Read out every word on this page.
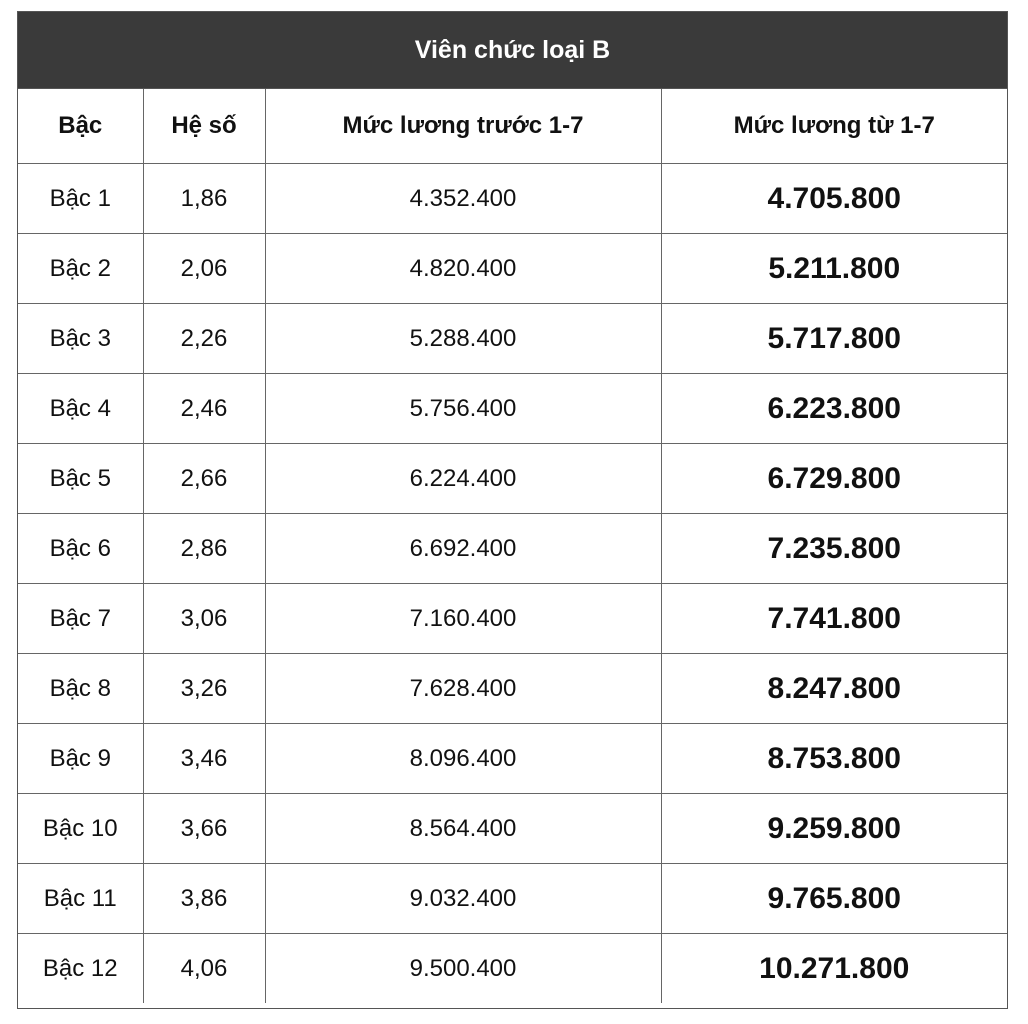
Viên chức loại B
Bậc	Hệ số	Mức lương trước 1-7	Mức lương từ 1-7
Bậc 1	1,86	4.352.400	4.705.800
Bậc 2	2,06	4.820.400	5.211.800
Bậc 3	2,26	5.288.400	5.717.800
Bậc 4	2,46	5.756.400	6.223.800
Bậc 5	2,66	6.224.400	6.729.800
Bậc 6	2,86	6.692.400	7.235.800
Bậc 7	3,06	7.160.400	7.741.800
Bậc 8	3,26	7.628.400	8.247.800
Bậc 9	3,46	8.096.400	8.753.800
Bậc 10	3,66	8.564.400	9.259.800
Bậc 11	3,86	9.032.400	9.765.800
Bậc 12	4,06	9.500.400	10.271.800
